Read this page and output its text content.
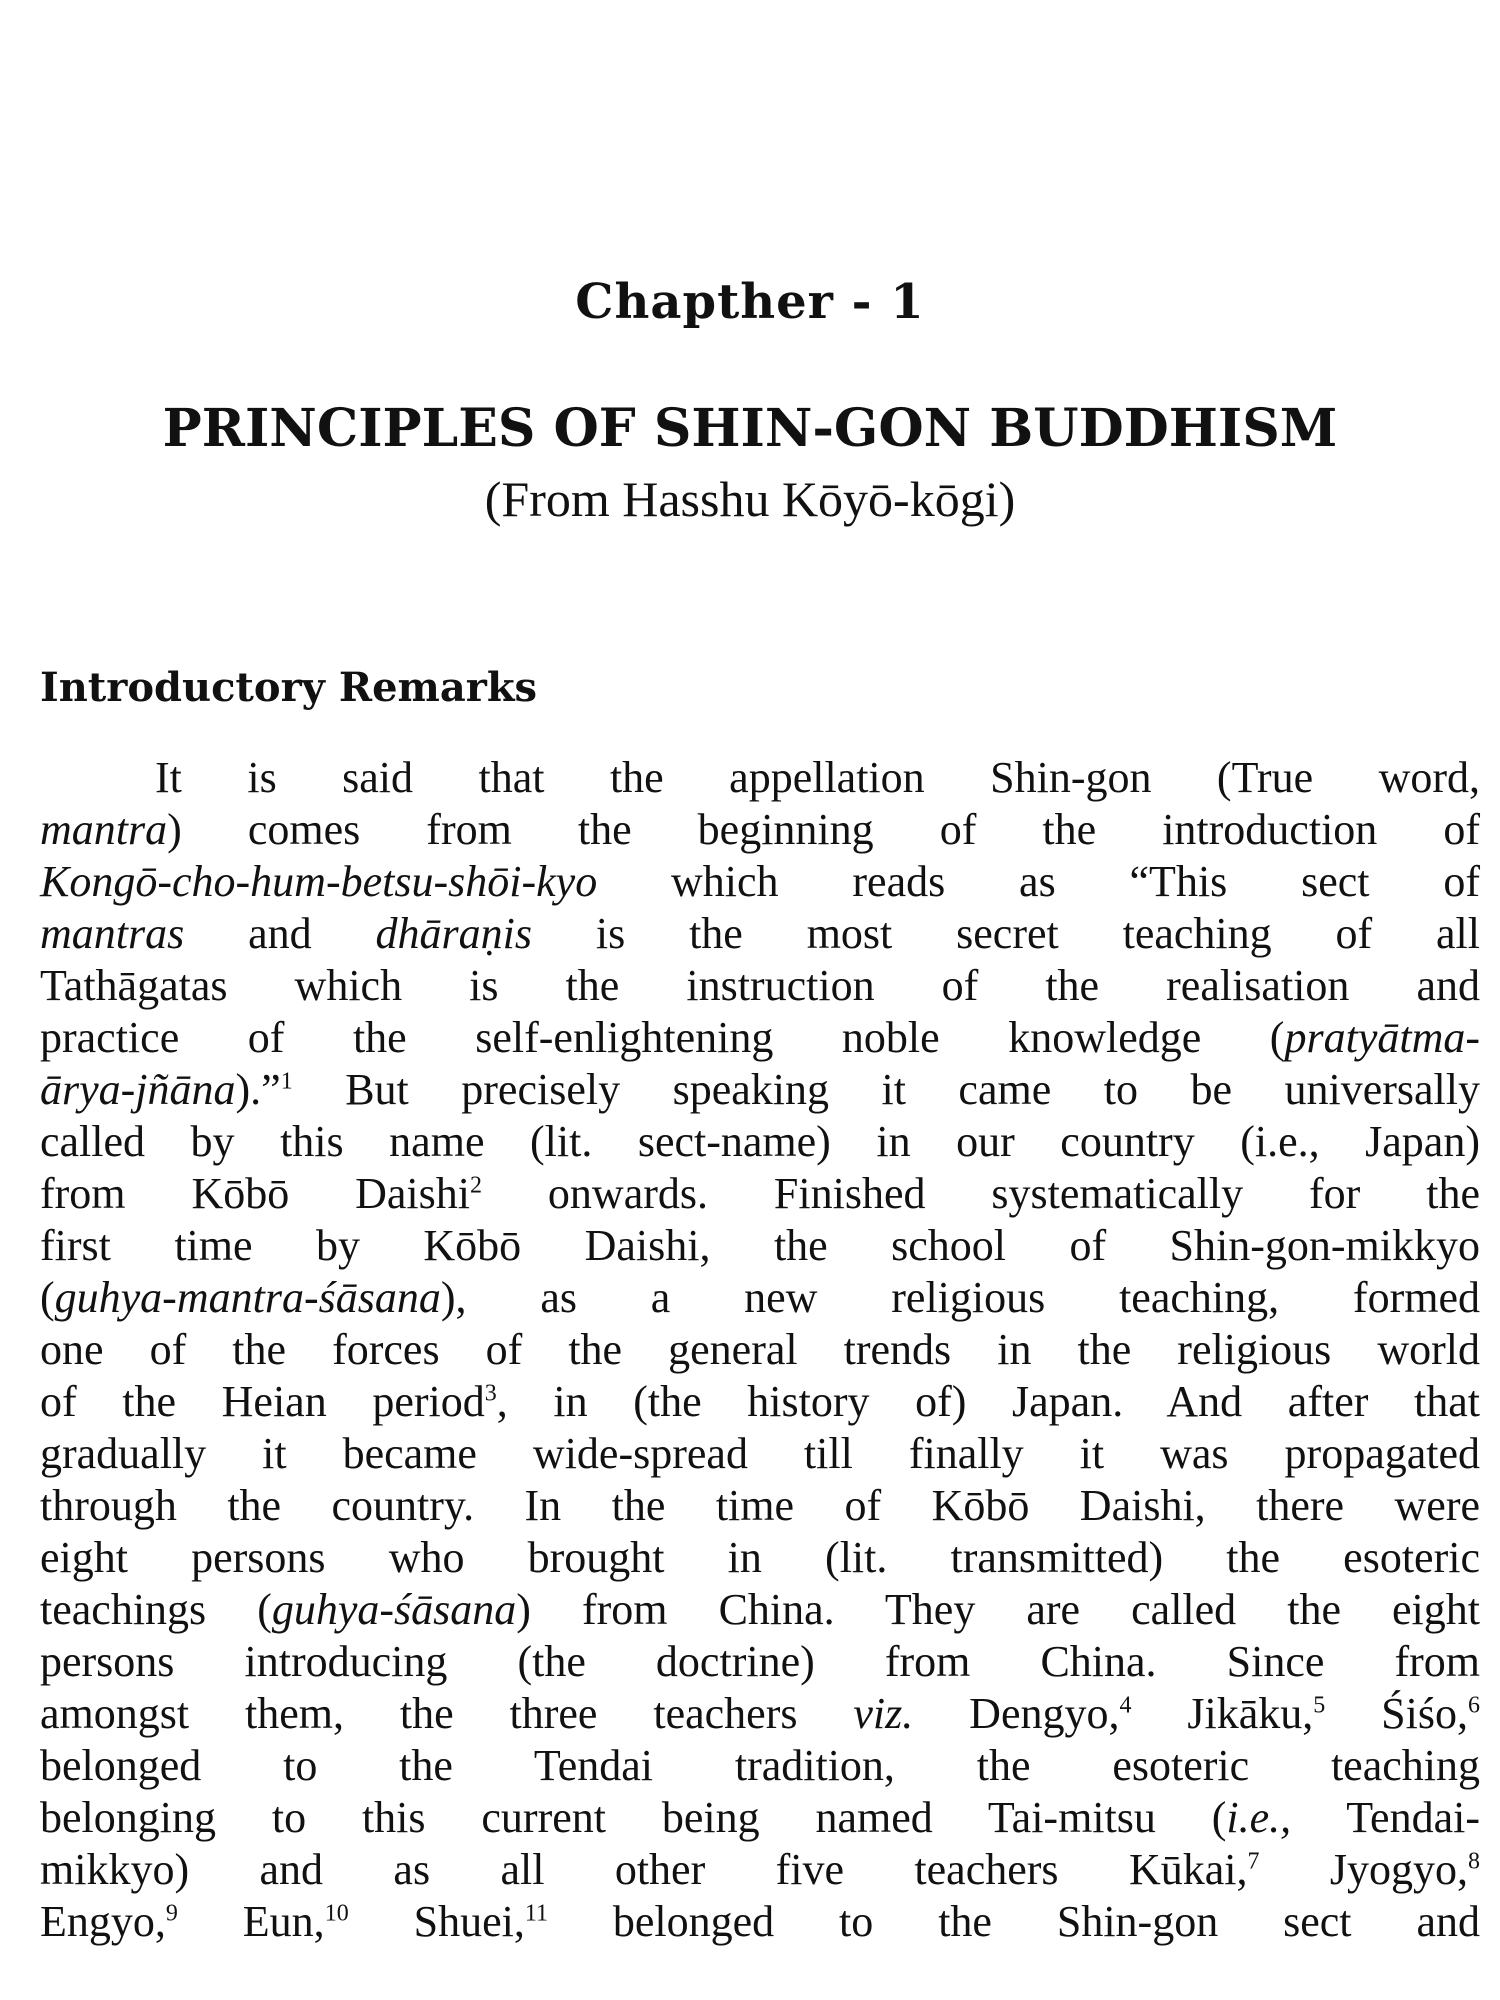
Chapther - 1
PRINCIPLES OF SHIN-GON BUDDHISM
(From Hasshu Kōyō-kōgi)
Introductory Remarks
It is said that the appellation Shin-gon (True word,
mantra) comes from the beginning of the introduction of
Kongō-cho-hum-betsu-shōi-kyo which reads as “This sect of
mantras and dhāraṇis is the most secret teaching of all
Tathāgatas which is the instruction of the realisation and
practice of the self-enlightening noble knowledge (pratyātma-
ārya-jñāna).”$^1$ But precisely speaking it came to be universally
called by this name (lit. sect-name) in our country (i.e., Japan)
from Kōbō Daishi$^2$ onwards. Finished systematically for the
first time by Kōbō Daishi, the school of Shin-gon-mikkyo
(guhya-mantra-śāsana), as a new religious teaching, formed
one of the forces of the general trends in the religious world
of the Heian period$^3$, in (the history of) Japan. And after that
gradually it became wide-spread till finally it was propagated
through the country. In the time of Kōbō Daishi, there were
eight persons who brought in (lit. transmitted) the esoteric
teachings (guhya-śāsana) from China. They are called the eight
persons introducing (the doctrine) from China. Since from
amongst them, the three teachers viz. Dengyo,$^4$ Jikāku,$^5$ Śiśo,$^6$
belonged to the Tendai tradition, the esoteric teaching
belonging to this current being named Tai-mitsu (i.e., Tendai-
mikkyo) and as all other five teachers Kūkai,$^7$ Jyogyo,$^8$
Engyo,$^9$ Eun,$^{10}$ Shuei,$^{11}$ belonged to the Shin-gon sect and
